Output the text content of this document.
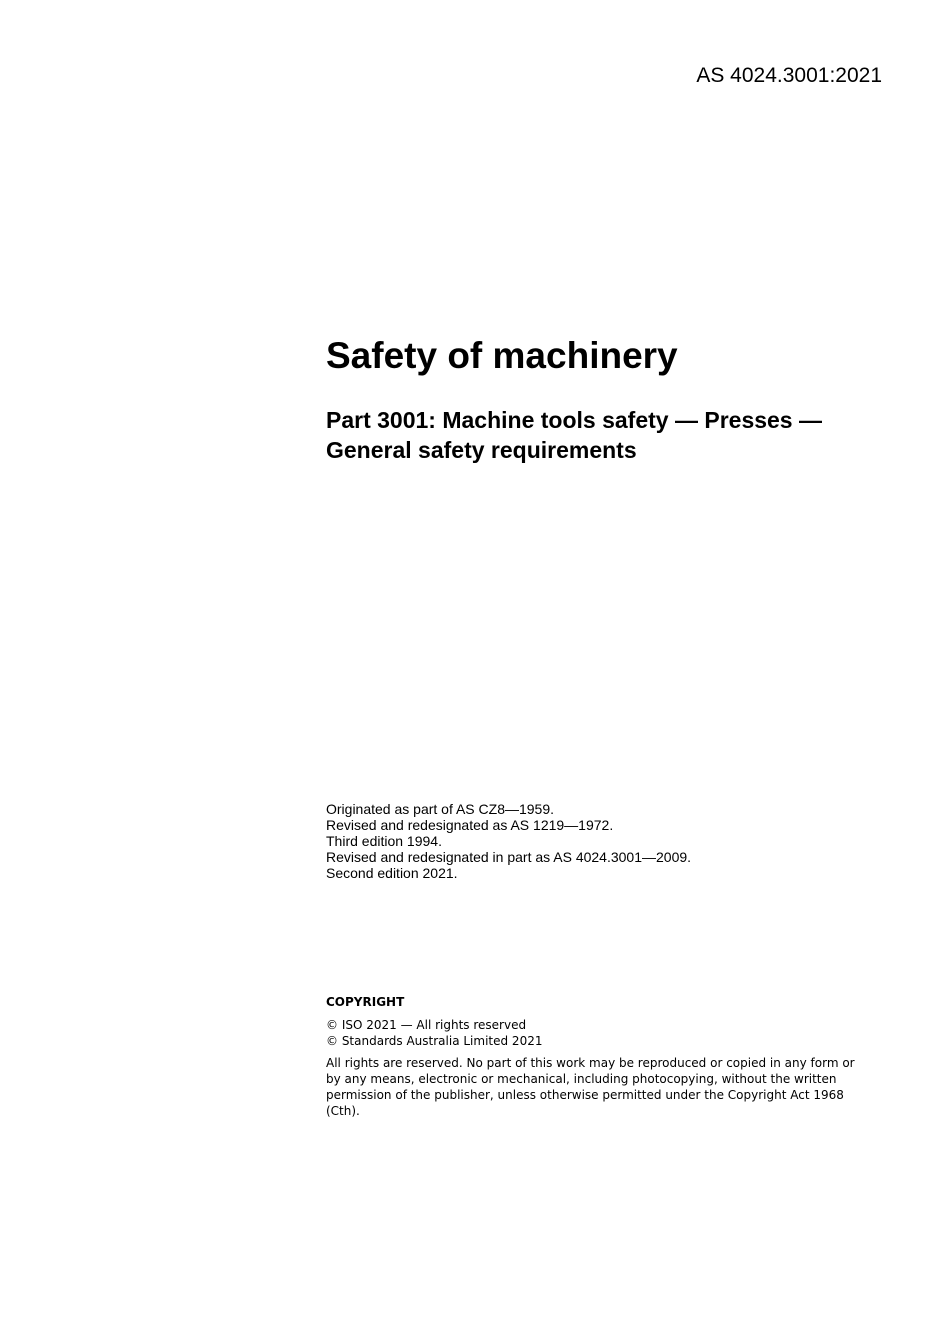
AS 4024.3001:2021
Safety of machinery
Part 3001: Machine tools safety — Presses —
General safety requirements
Originated as part of AS CZ8—1959.
Revised and redesignated as AS 1219—1972.
Third edition 1994.
Revised and redesignated in part as AS 4024.3001—2009.
Second edition 2021.
COPYRIGHT
© ISO 2021 — All rights reserved
© Standards Australia Limited 2021
All rights are reserved. No part of this work may be reproduced or copied in any form or by any means, electronic or mechanical, including photocopying, without the written permission of the publisher, unless otherwise permitted under the Copyright Act 1968 (Cth).
